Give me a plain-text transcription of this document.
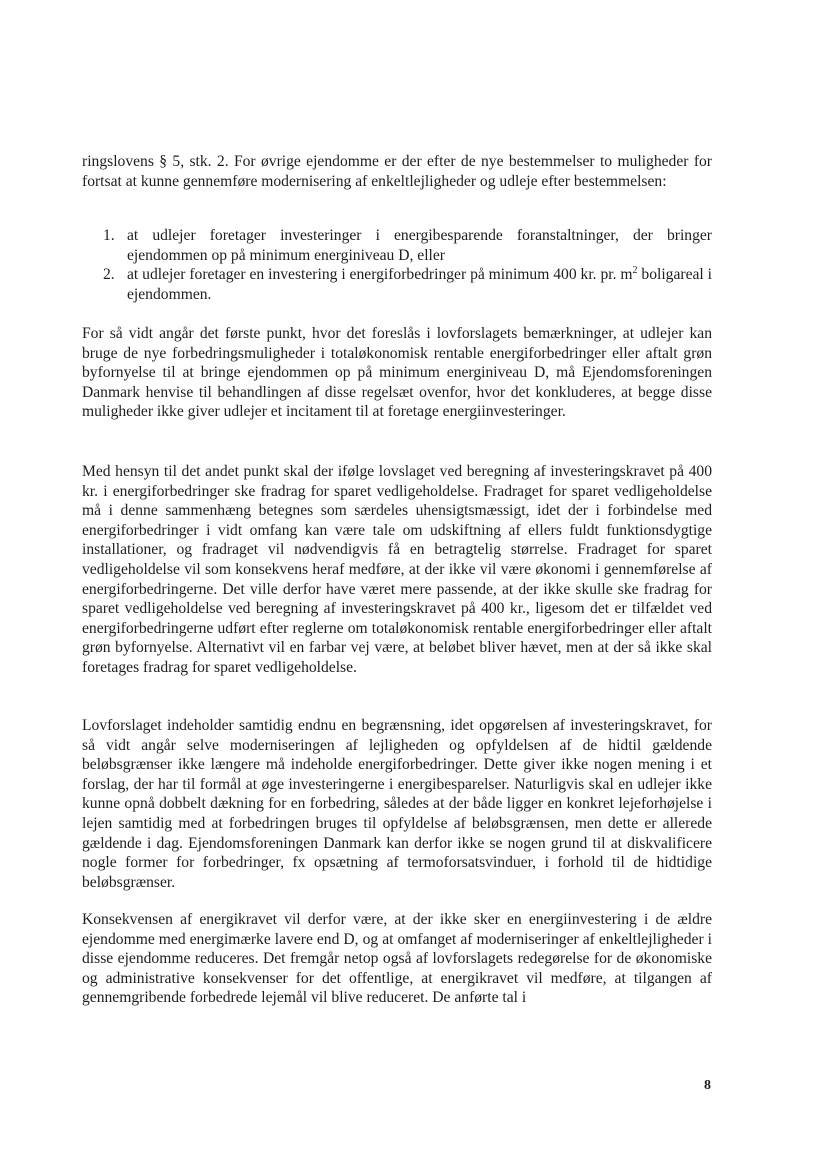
ringslovens § 5, stk. 2. For øvrige ejendomme er der efter de nye bestemmelser to muligheder for fortsat at kunne gennemføre modernisering af enkeltlejligheder og udleje efter bestemmelsen:

1. at udlejer foretager investeringer i energibesparende foranstaltninger, der bringer ejendommen op på minimum energiniveau D, eller
2. at udlejer foretager en investering i energiforbedringer på minimum 400 kr. pr. $m^2$ boligareal i ejendommen.

For så vidt angår det første punkt, hvor det foreslås i lovforslagets bemærkninger, at udlejer kan bruge de nye forbedringsmuligheder i totaløkonomisk rentable energiforbedringer eller aftalt grøn byfornyelse til at bringe ejendommen op på minimum energiniveau D, må Ejendomsforeningen Danmark henvise til behandlingen af disse regelsæt ovenfor, hvor det konkluderes, at begge disse muligheder ikke giver udlejer et incitament til at foretage energiinvesteringer.

Med hensyn til det andet punkt skal der ifølge lovslaget ved beregning af investeringskravet på 400 kr. i energiforbedringer ske fradrag for sparet vedligeholdelse. Fradraget for sparet vedligeholdelse må i denne sammenhæng betegnes som særdeles uhensigtsmæssigt, idet der i forbindelse med energiforbedringer i vidt omfang kan være tale om udskiftning af ellers fuldt funktionsdygtige installationer, og fradraget vil nødvendigvis få en betragtelig størrelse. Fradraget for sparet vedligeholdelse vil som konsekvens heraf medføre, at der ikke vil være økonomi i gennemførelse af energiforbedringerne. Det ville derfor have været mere passende, at der ikke skulle ske fradrag for sparet vedligeholdelse ved beregning af investeringskravet på 400 kr., ligesom det er tilfældet ved energiforbedringerne udført efter reglerne om totaløkonomisk rentable energiforbedringer eller aftalt grøn byfornyelse. Alternativt vil en farbar vej være, at beløbet bliver hævet, men at der så ikke skal foretages fradrag for sparet vedligeholdelse.

Lovforslaget indeholder samtidig endnu en begrænsning, idet opgørelsen af investeringskravet, for så vidt angår selve moderniseringen af lejligheden og opfyldelsen af de hidtil gældende beløbsgrænser ikke længere må indeholde energiforbedringer. Dette giver ikke nogen mening i et forslag, der har til formål at øge investeringerne i energibesparelser. Naturligvis skal en udlejer ikke kunne opnå dobbelt dækning for en forbedring, således at der både ligger en konkret lejeforhøjelse i lejen samtidig med at forbedringen bruges til opfyldelse af beløbsgrænsen, men dette er allerede gældende i dag. Ejendomsforeningen Danmark kan derfor ikke se nogen grund til at diskvalificere nogle former for forbedringer, fx opsætning af termoforsatsvinduer, i forhold til de hidtidige beløbsgrænser.

Konsekvensen af energikravet vil derfor være, at der ikke sker en energiinvestering i de ældre ejendomme med energimærke lavere end D, og at omfanget af moderniseringer af enkeltlejligheder i disse ejendomme reduceres. Det fremgår netop også af lovforslagets redegørelse for de økonomiske og administrative konsekvenser for det offentlige, at energikravet vil medføre, at tilgangen af gennemgribende forbedrede lejemål vil blive reduceret. De anførte tal i

8
